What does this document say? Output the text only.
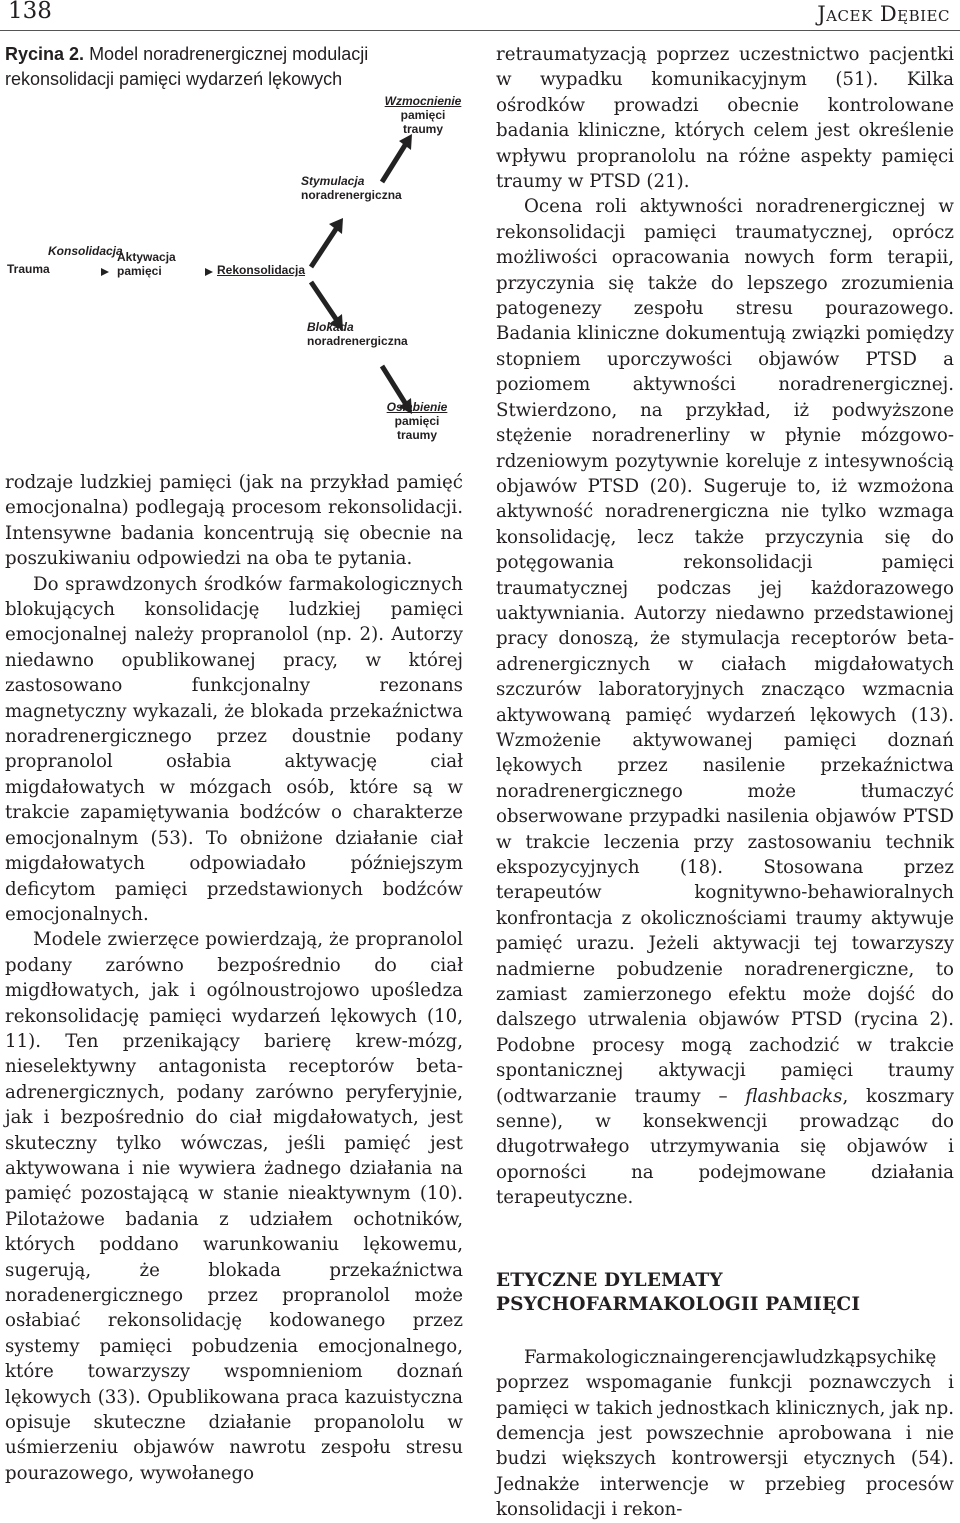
138	Jacek Dębiec

Rycina 2. Model noradrenergicznej modulacji rekonsolidacji pamięci wydarzeń lękowych

Trauma
Konsolidacja
Aktywacja
pamięci	Rekonsolidacja
Stymulacja
noradrenergiczna
Wzmocnienie
pamięci
traumy
Blokada
noradrenergiczna
Osłabienie
pamięci
traumy

rodzaje ludzkiej pamięci (jak na przykład pamięć emocjonalna) podlegają procesom rekonsolidacji. Intensywne badania koncentrują się obecnie na poszukiwaniu odpowiedzi na oba te pytania.

Do sprawdzonych środków farmakologicznych blokujących konsolidację ludzkiej pamięci emocjonalnej należy propranolol (np. 2). Autorzy niedawno opublikowanej pracy, w której zastosowano funkcjonalny rezonans magnetyczny wykazali, że blokada przekaźnictwa noradrenergicznego przez doustnie podany propranolol osłabia aktywację ciał migdałowatych w mózgach osób, które są w trakcie zapamiętywania bodźców o charakterze emocjonalnym (53). To obniżone działanie ciał migdałowatych odpowiadało późniejszym deficytom pamięci przedstawionych bodźców emocjonalnych.

Modele zwierzęce powierdzają, że propranolol podany zarówno bezpośrednio do ciał migdłowatych, jak i ogólnoustrojowo upośledza rekonsolidację pamięci wydarzeń lękowych (10, 11). Ten przenikający barierę krew-mózg, nieselektywny antagonista receptorów beta-adrenergicznych, podany zarówno peryferyjnie, jak i bezpośrednio do ciał migdałowatych, jest skuteczny tylko wówczas, jeśli pamięć jest aktywowana i nie wywiera żadnego działania na pamięć pozostającą w stanie nieaktywnym (10). Pilotażowe badania z udziałem ochotników, których poddano warunkowaniu lękowemu, sugerują, że blokada przekaźnictwa noradenergicznego przez propranolol może osłabiać rekonsolidację kodowanego przez systemy pamięci pobudzenia emocjonalnego, które towarzyszy wspomnieniom doznań lękowych (33). Opublikowana praca kazuistyczna opisuje skuteczne działanie propanololu w uśmierzeniu objawów nawrotu zespołu stresu pourazowego, wywołanego

retraumatyzacją poprzez uczestnictwo pacjentki w wypadku komunikacyjnym (51). Kilka ośrodków prowadzi obecnie kontrolowane badania kliniczne, których celem jest określenie wpływu propranololu na różne aspekty pamięci traumy w PTSD (21).

Ocena roli aktywności noradrenergicznej w rekonsolidacji pamięci traumatycznej, oprócz możliwości opracowania nowych form terapii, przyczynia się także do lepszego zrozumienia patogenezy zespołu stresu pourazowego. Badania kliniczne dokumentują związki pomiędzy stopniem uporczywości objawów PTSD a poziomem aktywności noradrenergicznej. Stwierdzono, na przykład, iż podwyższone stężenie noradrenerliny w płynie mózgowo-rdzeniowym pozytywnie koreluje z intesywnością objawów PTSD (20). Sugeruje to, iż wzmożona aktywność noradrenergiczna nie tylko wzmaga konsolidację, lecz także przyczynia się do potęgowania rekonsolidacji pamięci traumatycznej podczas jej każdorazowego uaktywniania. Autorzy niedawno przedstawionej pracy donoszą, że stymulacja receptorów beta-adrenergicznych w ciałach migdałowatych szczurów laboratoryjnych znacząco wzmacnia aktywowaną pamięć wydarzeń lękowych (13). Wzmożenie aktywowanej pamięci doznań lękowych przez nasilenie przekaźnictwa noradrenergicznego może tłumaczyć obserwowane przypadki nasilenia objawów PTSD w trakcie leczenia przy zastosowaniu technik ekspozycyjnych (18). Stosowana przez terapeutów kognitywno-behawioralnych konfrontacja z okolicznościami traumy aktywuje pamięć urazu. Jeżeli aktywacji tej towarzyszy nadmierne pobudzenie noradrenergiczne, to zamiast zamierzonego efektu może dojść do dalszego utrwalenia objawów PTSD (rycina 2). Podobne procesy mogą zachodzić w trakcie spontanicznej aktywacji pamięci traumy (odtwarzanie traumy – flashbacks, koszmary senne), w konsekwencji prowadząc do długotrwałego utrzymywania się objawów i oporności na podejmowane działania terapeutyczne.

ETYCZNE DYLEMATY
PSYCHOFARMAKOLOGII PAMIĘCI

Farmakologicznaingerencjawludzkąpsychikę poprzez wspomaganie funkcji poznawczych i pamięci w takich jednostkach klinicznych, jak np. demencja jest powszechnie aprobowana i nie budzi większych kontrowersji etycznych (54). Jednakże interwencje w przebieg procesów konsolidacji i rekon-
